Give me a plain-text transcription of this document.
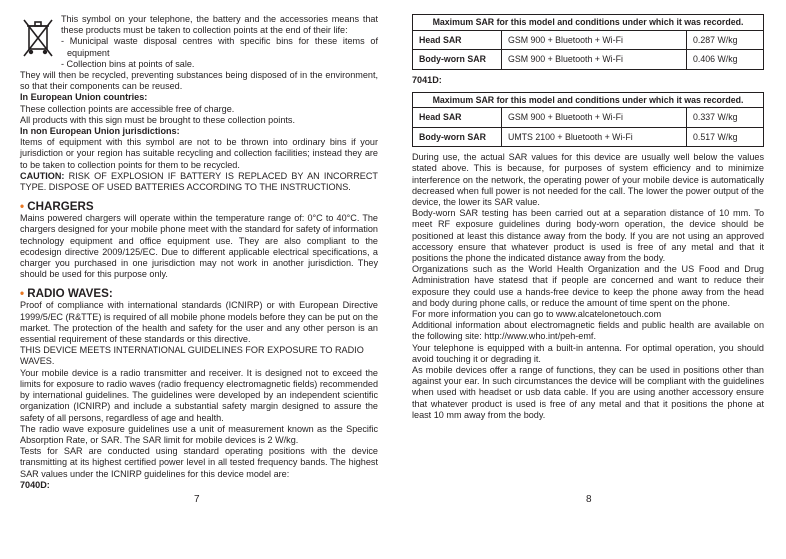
This symbol on your telephone, the battery and the accessories means that these products must be taken to collection points at the end of their life:

- Municipal waste disposal centres with specific bins for these items of equipment

- Collection bins at points of sale.

They will then be recycled, preventing substances being disposed of in the environment, so that their components can be reused.

In European Union countries:

These collection points are accessible free of charge.

All products with this sign must be brought to these collection points.

In non European Union jurisdictions:

Items of equipment with this symbol are not to be thrown into ordinary bins if your jurisdiction or your region has suitable recycling and collection facilities; instead they are to be taken to collection points for them to be recycled.

CAUTION: RISK OF EXPLOSION IF BATTERY IS REPLACED BY AN INCORRECT TYPE. DISPOSE OF USED BATTERIES ACCORDING TO THE INSTRUCTIONS.

• CHARGERS

Mains powered chargers will operate within the temperature range of: 0°C to 40°C. The chargers designed for your mobile phone meet with the standard for safety of information technology equipment and office equipment use. They are also compliant to the ecodesign directive 2009/125/EC. Due to different applicable electrical specifications, a charger you purchased in one jurisdiction may not work in another jurisdiction. They should be used for this purpose only.

• RADIO WAVES:

Proof of compliance with international standards (ICNIRP) or with European Directive 1999/5/EC (R&TTE) is required of all mobile phone models before they can be put on the market. The protection of the health and safety for the user and any other person is an essential requirement of these standards or this directive.

THIS DEVICE MEETS INTERNATIONAL GUIDELINES FOR EXPOSURE TO RADIO WAVES.

Your mobile device is a radio transmitter and receiver. It is designed not to exceed the limits for exposure to radio waves (radio frequency electromagnetic fields) recommended by international guidelines. The guidelines were developed by an independent scientific organization (ICNIRP) and include a substantial safety margin designed to assure the safety of all persons, regardless of age and health.

The radio wave exposure guidelines use a unit of measurement known as the Specific Absorption Rate, or SAR. The SAR limit for mobile devices is 2 W/kg.

Tests for SAR are conducted using standard operating positions with the device transmitting at its highest certified power level in all tested frequency bands. The highest SAR values under the ICNIRP guidelines for this device model are:

7040D:

Maximum SAR for this model and conditions under which it was recorded.		
Head SAR	GSM 900 + Bluetooth + Wi-Fi	0.287 W/kg
Body-worn SAR	GSM 900 + Bluetooth + Wi-Fi	0.406 W/kg

7041D:

Maximum SAR for this model and conditions under which it was recorded.		
Head SAR	GSM 900 + Bluetooth + Wi-Fi	0.337 W/kg
Body-worn SAR	UMTS 2100 + Bluetooth + Wi-Fi	0.517 W/kg

During use, the actual SAR values for this device are usually well below the values stated above. This is because, for purposes of system efficiency and to minimize interference on the network, the operating power of your mobile device is automatically decreased when full power is not needed for the call. The lower the power output of the device, the lower its SAR value.

Body-worn SAR testing has been carried out at a separation distance of 10 mm. To meet RF exposure guidelines during body-worn operation, the device should be positioned at least this distance away from the body. If you are not using an approved accessory ensure that whatever product is used is free of any metal and that it positions the phone the indicated distance away from the body.

Organizations such as the World Health Organization and the US Food and Drug Administration have statesd that if people are concerned and want to reduce their exposure they could use a hands-free device to keep the phone away from the head and body during phone calls, or reduce the amount of time spent on the phone.

For more information you can go to www.alcatelonetouch.com

Additional information about electromagnetic fields and public health are available on the following site: http://www.who.int/peh-emf.

Your telephone is equipped with a built-in antenna. For optimal operation, you should avoid touching it or degrading it.

As mobile devices offer a range of functions, they can be used in positions other than against your ear. In such circumstances the device will be compliant with the guidelines when used with headset or usb data cable. If you are using another accessory ensure that whatever product is used is free of any metal and that it positions the phone at least 10 mm away from the body.

7	8
